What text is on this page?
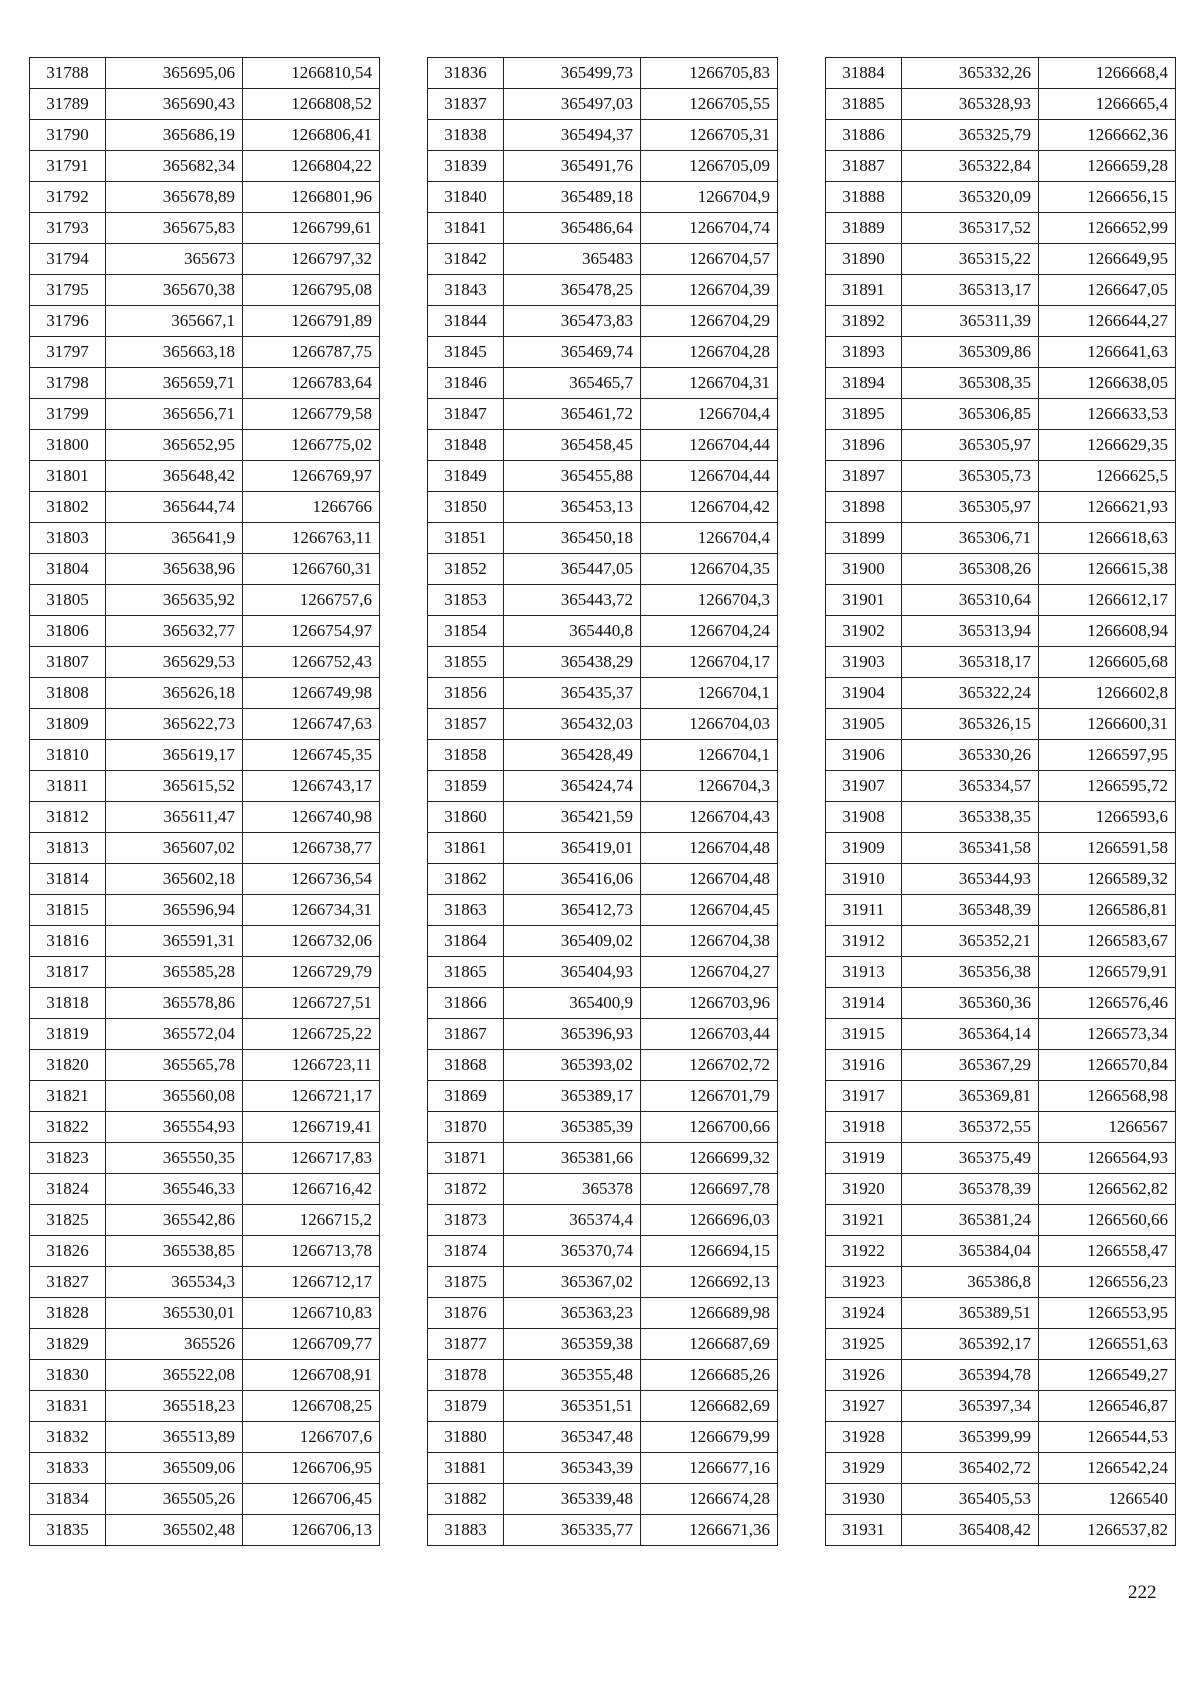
31788	365695,06	1266810,54
31789	365690,43	1266808,52
31790	365686,19	1266806,41
31791	365682,34	1266804,22
31792	365678,89	1266801,96
31793	365675,83	1266799,61
31794	365673	1266797,32
31795	365670,38	1266795,08
31796	365667,1	1266791,89
31797	365663,18	1266787,75
31798	365659,71	1266783,64
31799	365656,71	1266779,58
31800	365652,95	1266775,02
31801	365648,42	1266769,97
31802	365644,74	1266766
31803	365641,9	1266763,11
31804	365638,96	1266760,31
31805	365635,92	1266757,6
31806	365632,77	1266754,97
31807	365629,53	1266752,43
31808	365626,18	1266749,98
31809	365622,73	1266747,63
31810	365619,17	1266745,35
31811	365615,52	1266743,17
31812	365611,47	1266740,98
31813	365607,02	1266738,77
31814	365602,18	1266736,54
31815	365596,94	1266734,31
31816	365591,31	1266732,06
31817	365585,28	1266729,79
31818	365578,86	1266727,51
31819	365572,04	1266725,22
31820	365565,78	1266723,11
31821	365560,08	1266721,17
31822	365554,93	1266719,41
31823	365550,35	1266717,83
31824	365546,33	1266716,42
31825	365542,86	1266715,2
31826	365538,85	1266713,78
31827	365534,3	1266712,17
31828	365530,01	1266710,83
31829	365526	1266709,77
31830	365522,08	1266708,91
31831	365518,23	1266708,25
31832	365513,89	1266707,6
31833	365509,06	1266706,95
31834	365505,26	1266706,45
31835	365502,48	1266706,13
31836	365499,73	1266705,83
31837	365497,03	1266705,55
31838	365494,37	1266705,31
31839	365491,76	1266705,09
31840	365489,18	1266704,9
31841	365486,64	1266704,74
31842	365483	1266704,57
31843	365478,25	1266704,39
31844	365473,83	1266704,29
31845	365469,74	1266704,28
31846	365465,7	1266704,31
31847	365461,72	1266704,4
31848	365458,45	1266704,44
31849	365455,88	1266704,44
31850	365453,13	1266704,42
31851	365450,18	1266704,4
31852	365447,05	1266704,35
31853	365443,72	1266704,3
31854	365440,8	1266704,24
31855	365438,29	1266704,17
31856	365435,37	1266704,1
31857	365432,03	1266704,03
31858	365428,49	1266704,1
31859	365424,74	1266704,3
31860	365421,59	1266704,43
31861	365419,01	1266704,48
31862	365416,06	1266704,48
31863	365412,73	1266704,45
31864	365409,02	1266704,38
31865	365404,93	1266704,27
31866	365400,9	1266703,96
31867	365396,93	1266703,44
31868	365393,02	1266702,72
31869	365389,17	1266701,79
31870	365385,39	1266700,66
31871	365381,66	1266699,32
31872	365378	1266697,78
31873	365374,4	1266696,03
31874	365370,74	1266694,15
31875	365367,02	1266692,13
31876	365363,23	1266689,98
31877	365359,38	1266687,69
31878	365355,48	1266685,26
31879	365351,51	1266682,69
31880	365347,48	1266679,99
31881	365343,39	1266677,16
31882	365339,48	1266674,28
31883	365335,77	1266671,36
31884	365332,26	1266668,4
31885	365328,93	1266665,4
31886	365325,79	1266662,36
31887	365322,84	1266659,28
31888	365320,09	1266656,15
31889	365317,52	1266652,99
31890	365315,22	1266649,95
31891	365313,17	1266647,05
31892	365311,39	1266644,27
31893	365309,86	1266641,63
31894	365308,35	1266638,05
31895	365306,85	1266633,53
31896	365305,97	1266629,35
31897	365305,73	1266625,5
31898	365305,97	1266621,93
31899	365306,71	1266618,63
31900	365308,26	1266615,38
31901	365310,64	1266612,17
31902	365313,94	1266608,94
31903	365318,17	1266605,68
31904	365322,24	1266602,8
31905	365326,15	1266600,31
31906	365330,26	1266597,95
31907	365334,57	1266595,72
31908	365338,35	1266593,6
31909	365341,58	1266591,58
31910	365344,93	1266589,32
31911	365348,39	1266586,81
31912	365352,21	1266583,67
31913	365356,38	1266579,91
31914	365360,36	1266576,46
31915	365364,14	1266573,34
31916	365367,29	1266570,84
31917	365369,81	1266568,98
31918	365372,55	1266567
31919	365375,49	1266564,93
31920	365378,39	1266562,82
31921	365381,24	1266560,66
31922	365384,04	1266558,47
31923	365386,8	1266556,23
31924	365389,51	1266553,95
31925	365392,17	1266551,63
31926	365394,78	1266549,27
31927	365397,34	1266546,87
31928	365399,99	1266544,53
31929	365402,72	1266542,24
31930	365405,53	1266540
31931	365408,42	1266537,82
222
